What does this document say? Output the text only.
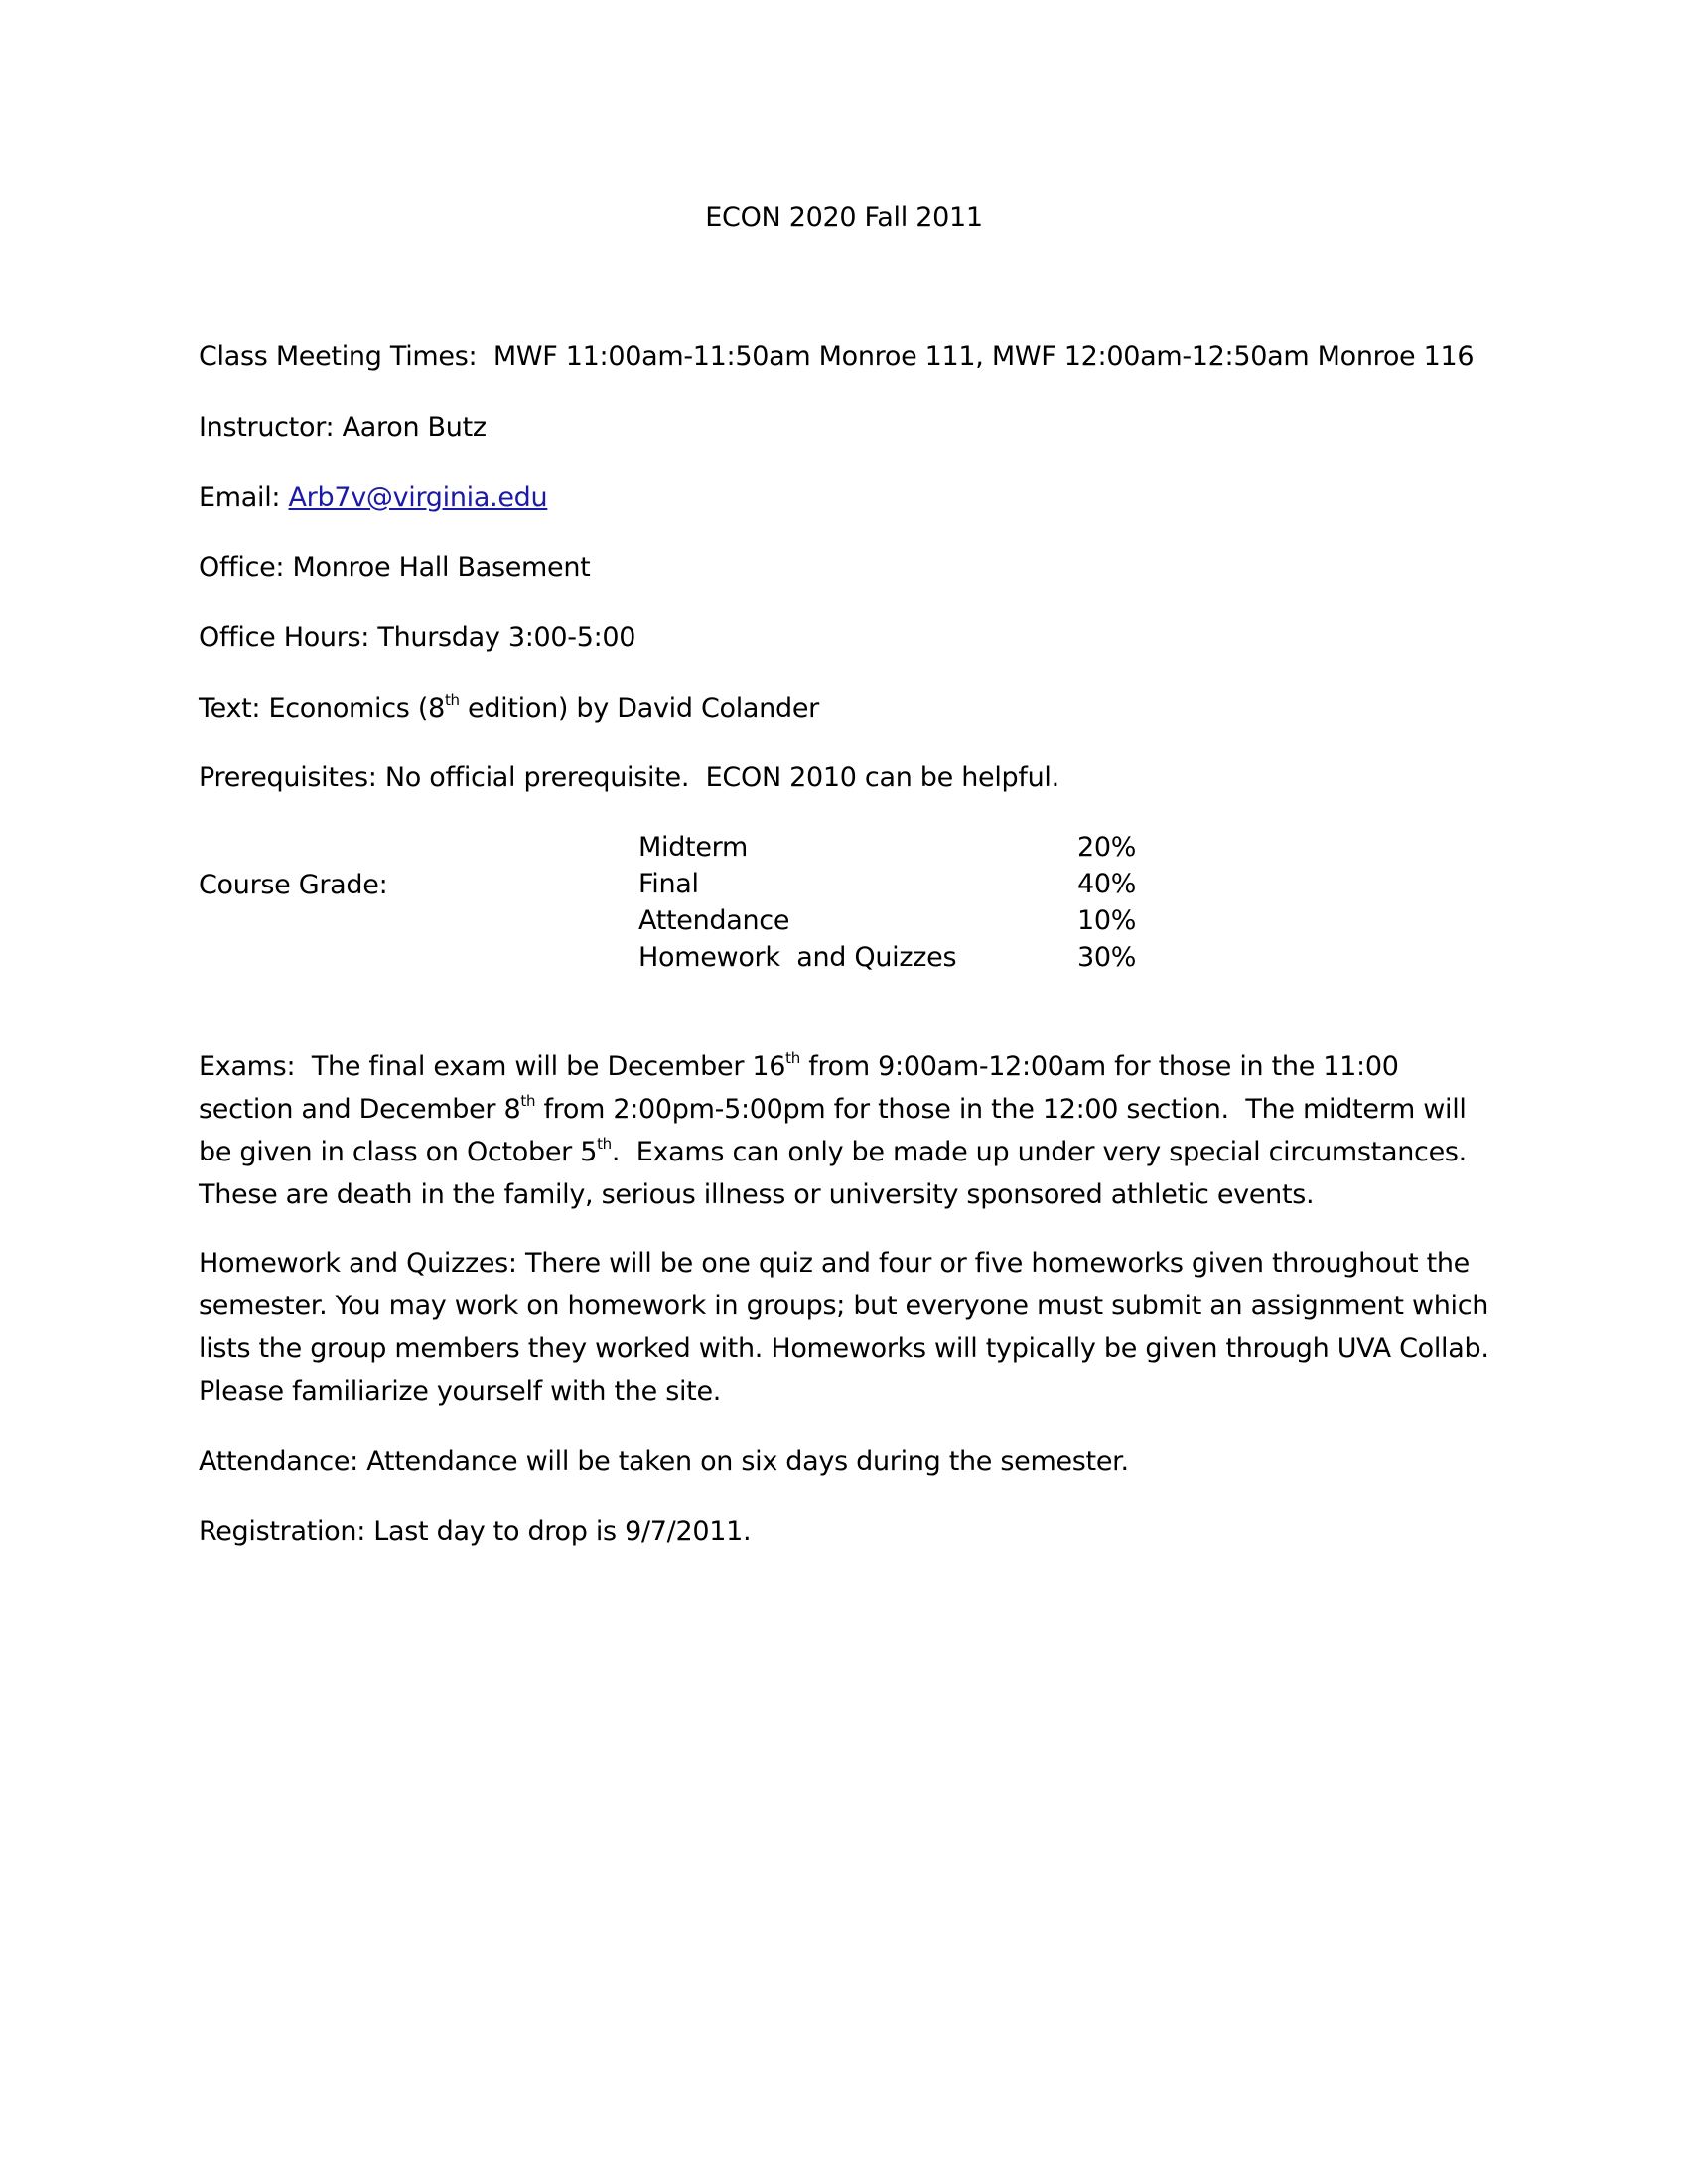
ECON 2020 Fall 2011
Class Meeting Times: MWF 11:00am-11:50am Monroe 111, MWF 12:00am-12:50am Monroe 116
Instructor: Aaron Butz
Email: Arb7v@virginia.edu
Office: Monroe Hall Basement
Office Hours: Thursday 3:00-5:00
Text: Economics (8th edition) by David Colander
Prerequisites: No official prerequisite.  ECON 2010 can be helpful.
Course Grade:
Midterm	20%
Final	40%
Attendance	10%
Homework  and Quizzes	30%
Exams:  The final exam will be December 16th from 9:00am-12:00am for those in the 11:00 section and December 8th from 2:00pm-5:00pm for those in the 12:00 section.  The midterm will be given in class on October 5th.  Exams can only be made up under very special circumstances.  These are death in the family, serious illness or university sponsored athletic events.
Homework and Quizzes: There will be one quiz and four or five homeworks given throughout the semester. You may work on homework in groups; but everyone must submit an assignment which lists the group members they worked with. Homeworks will typically be given through UVA Collab. Please familiarize yourself with the site.
Attendance: Attendance will be taken on six days during the semester.
Registration: Last day to drop is 9/7/2011.
